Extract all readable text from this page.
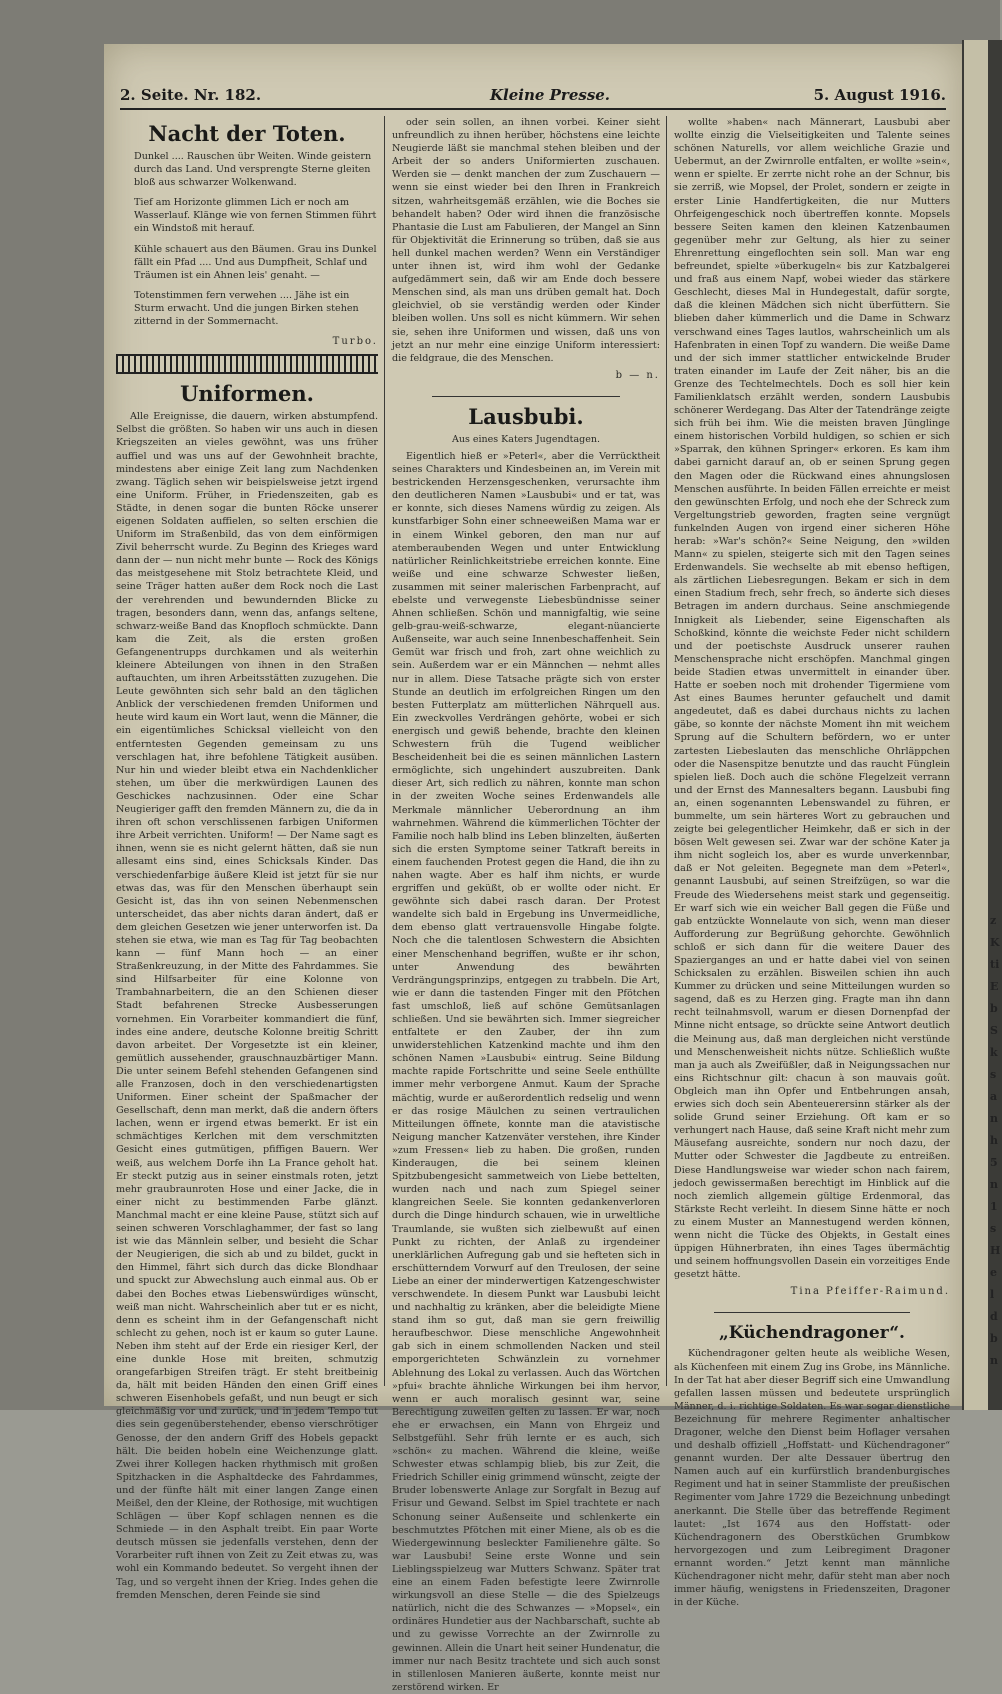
2. Seite. Nr. 182.	Kleine Presse.	5. August 1916.
Nacht der Toten.

Dunkel .... Rauschen übr Weiten. Winde geistern durch das Land. Und versprengte Sterne gleiten bloß aus schwarzer Wolkenwand.

Tief am Horizonte glimmen Lich er noch am Wasserlauf. Klänge wie von fernen Stimmen führt ein Windstoß mit herauf.

Kühle schauert aus den Bäumen. Grau ins Dunkel fällt ein Pfad .... Und aus Dumpfheit, Schlaf und Träumen ist ein Ahnen leis' genaht. —

Totenstimmen fern verwehen .... Jähe ist ein Sturm erwacht. Und die jungen Birken stehen zitternd in der Sommernacht.

Turbo.
Uniformen.

Alle Ereignisse, die dauern, wirken abstumpfend. Selbst die größten. So haben wir uns auch in diesen Kriegszeiten an vieles gewöhnt, was uns früher auffiel und was uns auf der Gewohnheit brachte, mindestens aber einige Zeit lang zum Nachdenken zwang. Täglich sehen wir beispielsweise jetzt irgend eine Uniform. Früher, in Friedenszeiten, gab es Städte, in denen sogar die bunten Röcke unserer eigenen Soldaten auffielen, so selten erschien die Uniform im Straßenbild, das von dem einförmigen Zivil beherrscht wurde. Zu Beginn des Krieges ward dann der — nun nicht mehr bunte — Rock des Königs das meistgesehene mit Stolz betrachtete Kleid, und seine Träger hatten außer dem Rock noch die Last der verehrenden und bewundernden Blicke zu tragen, besonders dann, wenn das, anfangs seltene, schwarz-weiße Band das Knopfloch schmückte. Dann kam die Zeit, als die ersten großen Gefangenentrupps durchkamen und als weiterhin kleinere Abteilungen von ihnen in den Straßen auftauchten, um ihren Arbeitsstätten zuzugehen. Die Leute gewöhnten sich sehr bald an den täglichen Anblick der verschiedenen fremden Uniformen und heute wird kaum ein Wort laut, wenn die Männer, die ein eigentümliches Schicksal vielleicht von den entferntesten Gegenden gemeinsam zu uns verschlagen hat, ihre befohlene Tätigkeit ausüben. Nur hin und wieder bleibt etwa ein Nachdenklicher stehen, um über die merkwürdigen Launen des Geschickes nachzusinnen. Oder eine Schar Neugieriger gafft den fremden Männern zu, die da in ihren oft schon verschlissenen farbigen Uniformen ihre Arbeit verrichten. Uniform! — Der Name sagt es ihnen, wenn sie es nicht gelernt hätten, daß sie nun allesamt eins sind, eines Schicksals Kinder. Das verschiedenfarbige äußere Kleid ist jetzt für sie nur etwas das, was für den Menschen überhaupt sein Gesicht ist, das ihn von seinen Nebenmenschen unterscheidet, das aber nichts daran ändert, daß er dem gleichen Gesetzen wie jener unterworfen ist. Da stehen sie etwa, wie man es Tag für Tag beobachten kann — fünf Mann hoch — an einer Straßenkreuzung, in der Mitte des Fahrdammes. Sie sind Hilfsarbeiter für eine Kolonne von Trambahnarbeitern, die an den Schienen dieser Stadt befahrenen Strecke Ausbesserungen vornehmen. Ein Vorarbeiter kommandiert die fünf, indes eine andere, deutsche Kolonne breitig Schritt davon arbeitet. Der Vorgesetzte ist ein kleiner, gemütlich aussehender, grauschnauzbärtiger Mann. Die unter seinem Befehl stehenden Gefangenen sind alle Franzosen, doch in den verschiedenartigsten Uniformen. Einer scheint der Spaßmacher der Gesellschaft, denn man merkt, daß die andern öfters lachen, wenn er irgend etwas bemerkt. Er ist ein schmächtiges Kerlchen mit dem verschmitzten Gesicht eines gutmütigen, pfiffigen Bauern. Wer weiß, aus welchem Dorfe ihn La France geholt hat. Er steckt putzig aus in seiner einstmals roten, jetzt mehr graubraunroten Hose und einer Jacke, die in einer nicht zu bestimmenden Farbe glänzt. Manchmal macht er eine kleine Pause, stützt sich auf seinen schweren Vorschlaghammer, der fast so lang ist wie das Männlein selber, und besieht die Schar der Neugierigen, die sich ab und zu bildet, guckt in den Himmel, fährt sich durch das dicke Blondhaar und spuckt zur Abwechslung auch einmal aus. Ob er dabei den Boches etwas Liebenswürdiges wünscht, weiß man nicht. Wahrscheinlich aber tut er es nicht, denn es scheint ihm in der Gefangenschaft nicht schlecht zu gehen, noch ist er kaum so guter Laune. Neben ihm steht auf der Erde ein riesiger Kerl, der eine dunkle Hose mit breiten, schmutzig orangefarbigen Streifen trägt. Er steht breitbeinig da, hält mit beiden Händen den einen Griff eines schweren Eisenhobels gefaßt, und nun beugt er sich gleichmäßig vor und zurück, und in jedem Tempo tut dies sein gegenüberstehender, ebenso vierschrötiger Genosse, der den andern Griff des Hobels gepackt hält. Die beiden hobeln eine Weichenzunge glatt. Zwei ihrer Kollegen hacken rhythmisch mit großen Spitzhacken in die Asphaltdecke des Fahrdammes, und der fünfte hält mit einer langen Zange einen Meißel, den der Kleine, der Rothosige, mit wuchtigen Schlägen — über Kopf schlagen nennen es die Schmiede — in den Asphalt treibt. Ein paar Worte deutsch müssen sie jedenfalls verstehen, denn der Vorarbeiter ruft ihnen von Zeit zu Zeit etwas zu, was wohl ein Kommando bedeutet. So vergeht ihnen der Tag, und so vergeht ihnen der Krieg. Indes gehen die fremden Menschen, deren Feinde sie sind

oder sein sollen, an ihnen vorbei. Keiner sieht unfreundlich zu ihnen herüber, höchstens eine leichte Neugierde läßt sie manchmal stehen bleiben und der Arbeit der so anders Uniformierten zuschauen. Werden sie — denkt manchen der zum Zuschauern — wenn sie einst wieder bei den Ihren in Frankreich sitzen, wahrheitsgemäß erzählen, wie die Boches sie behandelt haben? Oder wird ihnen die französische Phantasie die Lust am Fabulieren, der Mangel an Sinn für Objektivität die Erinnerung so trüben, daß sie aus hell dunkel machen werden? Wenn ein Verständiger unter ihnen ist, wird ihm wohl der Gedanke aufgedämmert sein, daß wir am Ende doch bessere Menschen sind, als man uns drüben gemalt hat. Doch gleichviel, ob sie verständig werden oder Kinder bleiben wollen. Uns soll es nicht kümmern. Wir sehen sie, sehen ihre Uniformen und wissen, daß uns von jetzt an nur mehr eine einzige Uniform interessiert: die feldgraue, die des Menschen.

b — n.
Lausbubi.
Aus eines Katers Jugendtagen.

Eigentlich hieß er »Peterl«, aber die Verrücktheit seines Charakters und Kindesbeinen an, im Verein mit bestrickenden Herzensgeschenken, verursachte ihm den deutlicheren Namen »Lausbubi« und er tat, was er konnte, sich dieses Namens würdig zu zeigen. Als kunstfarbiger Sohn einer schneeweißen Mama war er in einem Winkel geboren, den man nur auf atemberaubenden Wegen und unter Entwicklung natürlicher Reinlichkeitstriebe erreichen konnte. Eine weiße und eine schwarze Schwester ließen, zusammen mit seiner malerischen Farbenpracht, auf ebelste und verwegenste Liebesbündnisse seiner Ahnen schließen. Schön und mannigfaltig, wie seine gelb-grau-weiß-schwarze, elegant-nüancierte Außenseite, war auch seine Innenbeschaffenheit. Sein Gemüt war frisch und froh, zart ohne weichlich zu sein. Außerdem war er ein Männchen — nehmt alles nur in allem. Diese Tatsache prägte sich von erster Stunde an deutlich im erfolgreichen Ringen um den besten Futterplatz am mütterlichen Nährquell aus. Ein zweckvolles Verdrängen gehörte, wobei er sich energisch und gewiß behende, brachte den kleinen Schwestern früh die Tugend weiblicher Bescheidenheit bei die es seinen männlichen Lastern ermöglichte, sich ungehindert auszubreiten. Dank dieser Art, sich redlich zu nähren, konnte man schon in der zweiten Woche seines Erdenwandels alle Merkmale männlicher Ueberordnung an ihm wahrnehmen. Während die kümmerlichen Töchter der Familie noch halb blind ins Leben blinzelten, äußerten sich die ersten Symptome seiner Tatkraft bereits in einem fauchenden Protest gegen die Hand, die ihn zu nahen wagte. Aber es half ihm nichts, er wurde ergriffen und geküßt, ob er wollte oder nicht. Er gewöhnte sich dabei rasch daran. Der Protest wandelte sich bald in Ergebung ins Unvermeidliche, dem ebenso glatt vertrauensvolle Hingabe folgte. Noch che die talentlosen Schwestern die Absichten einer Menschenhand begriffen, wußte er ihr schon, unter Anwendung des bewährten Verdrängungsprinzips, entgegen zu trabbeln. Die Art, wie er dann die tastenden Finger mit den Pfötchen fast umschloß, ließ auf schöne Gemütsanlagen schließen. Und sie bewährten sich. Immer siegreicher entfaltete er den Zauber, der ihn zum unwiderstehlichen Katzenkind machte und ihm den schönen Namen »Lausbubi« eintrug. Seine Bildung machte rapide Fortschritte und seine Seele enthüllte immer mehr verborgene Anmut. Kaum der Sprache mächtig, wurde er außerordentlich redselig und wenn er das rosige Mäulchen zu seinen vertraulichen Mitteilungen öffnete, konnte man die atavistische Neigung mancher Katzenväter verstehen, ihre Kinder »zum Fressen« lieb zu haben. Die großen, runden Kinderaugen, die bei seinem kleinen Spitzbubengesicht sammetweich von Liebe bettelten, wurden nach und nach zum Spiegel seiner klangreichen Seele. Sie konnten gedankenverloren durch die Dinge hindurch schauen, wie in urweltliche Traumlande, sie wußten sich zielbewußt auf einen Punkt zu richten, der Anlaß zu irgendeiner unerklärlichen Aufregung gab und sie hefteten sich in erschütterndem Vorwurf auf den Treulosen, der seine Liebe an einer der minderwertigen Katzengeschwister verschwendete. In diesem Punkt war Lausbubi leicht und nachhaltig zu kränken, aber die beleidigte Miene stand ihm so gut, daß man sie gern freiwillig heraufbeschwor. Diese menschliche Angewohnheit gab sich in einem schmollenden Nacken und steil emporgerichteten Schwänzlein zu vornehmer Ablehnung des Lokal zu verlassen. Auch das Wörtchen »pfui« brachte ähnliche Wirkungen bei ihm hervor, wenn er auch moralisch gesinnt war, seine Berechtigung zuweilen gelten zu lassen. Er war, noch ehe er erwachsen, ein Mann von Ehrgeiz und Selbstgefühl. Sehr früh lernte er es auch, sich »schön« zu machen. Während die kleine, weiße Schwester etwas schlampig blieb, bis zur Zeit, die Friedrich Schiller einig grimmend wünscht, zeigte der Bruder lobenswerte Anlage zur Sorgfalt in Bezug auf Frisur und Gewand. Selbst im Spiel trachtete er nach Schonung seiner Außenseite und schlenkerte ein beschmutztes Pfötchen mit einer Miene, als ob es die Wiedergewinnung besleckter Familienehre gälte. So war Lausbubi! Seine erste Wonne und sein Lieblingsspielzeug war Mutters Schwanz. Später trat eine an einem Faden befestigte leere Zwirnrolle wirkungsvoll an diese Stelle — die des Spielzeugs natürlich, nicht die des Schwanzes — »Mopsel«, ein ordinäres Hundetier aus der Nachbarschaft, suchte ab und zu gewisse Vorrechte an der Zwirnrolle zu gewinnen. Allein die Unart heit seiner Hundenatur, die immer nur nach Besitz trachtete und sich auch sonst in stillenlosen Manieren äußerte, konnte meist nur zerstörend wirken. Er

wollte »haben« nach Männerart, Lausbubi aber wollte einzig die Vielseitigkeiten und Talente seines schönen Naturells, vor allem weichliche Grazie und Uebermut, an der Zwirnrolle entfalten, er wollte »sein«, wenn er spielte. Er zerrte nicht rohe an der Schnur, bis sie zerriß, wie Mopsel, der Prolet, sondern er zeigte in erster Linie Handfertigkeiten, die nur Mutters Ohrfeigengeschick noch übertreffen konnte. Mopsels bessere Seiten kamen den kleinen Katzenbaumen gegenüber mehr zur Geltung, als hier zu seiner Ehrenrettung eingeflochten sein soll. Man war eng befreundet, spielte »überkugeln« bis zur Katzbalgerei und fraß aus einem Napf, wobei wieder das stärkere Geschlecht, dieses Mal in Hundegestalt, dafür sorgte, daß die kleinen Mädchen sich nicht überfüttern. Sie blieben daher kümmerlich und die Dame in Schwarz verschwand eines Tages lautlos, wahrscheinlich um als Hafenbraten in einen Topf zu wandern. Die weiße Dame und der sich immer stattlicher entwickelnde Bruder traten einander im Laufe der Zeit näher, bis an die Grenze des Techtelmechtels. Doch es soll hier kein Familienklatsch erzählt werden, sondern Lausbubis schönerer Werdegang. Das Alter der Tatendränge zeigte sich früh bei ihm. Wie die meisten braven Jünglinge einem historischen Vorbild huldigen, so schien er sich »Sparrak, den kühnen Springer« erkoren. Es kam ihm dabei garnicht darauf an, ob er seinen Sprung gegen den Magen oder die Rückwand eines ahnungslosen Menschen ausführte. In beiden Fällen erreichte er meist den gewünschten Erfolg, und noch ehe der Schreck zum Vergeltungstrieb geworden, fragten seine vergnügt funkelnden Augen von irgend einer sicheren Höhe herab: »War's schön?« Seine Neigung, den »wilden Mann« zu spielen, steigerte sich mit den Tagen seines Erdenwandels. Sie wechselte ab mit ebenso heftigen, als zärtlichen Liebesregungen. Bekam er sich in dem einen Stadium frech, sehr frech, so änderte sich dieses Betragen im andern durchaus. Seine anschmiegende Innigkeit als Liebender, seine Eigenschaften als Schoßkind, könnte die weichste Feder nicht schildern und der poetischste Ausdruck unserer rauhen Menschensprache nicht erschöpfen. Manchmal gingen beide Stadien etwas unvermittelt in einander über. Hatte er soeben noch mit drohender Tigermiene vom Ast eines Baumes herunter gefauchelt und damit angedeutet, daß es dabei durchaus nichts zu lachen gäbe, so konnte der nächste Moment ihn mit weichem Sprung auf die Schultern befördern, wo er unter zartesten Liebeslauten das menschliche Ohrläppchen oder die Nasenspitze benutzte und das raucht Fünglein spielen ließ. Doch auch die schöne Flegelzeit verrann und der Ernst des Mannesalters begann. Lausbubi fing an, einen sogenannten Lebenswandel zu führen, er bummelte, um sein härteres Wort zu gebrauchen und zeigte bei gelegentlicher Heimkehr, daß er sich in der bösen Welt gewesen sei. Zwar war der schöne Kater ja ihm nicht sogleich los, aber es wurde unverkennbar, daß er Not geleiten. Begegnete man dem »Peterl«, genannt Lausbubi, auf seinen Streifzügen, so war die Freude des Wiedersehens meist stark und gegenseitig. Er warf sich wie ein weicher Ball gegen die Füße und gab entzückte Wonnelaute von sich, wenn man dieser Aufforderung zur Begrüßung gehorchte. Gewöhnlich schloß er sich dann für die weitere Dauer des Spazierganges an und er hatte dabei viel von seinen Schicksalen zu erzählen. Bisweilen schien ihn auch Kummer zu drücken und seine Mitteilungen wurden so sagend, daß es zu Herzen ging. Fragte man ihn dann recht teilnahmsvoll, warum er diesen Dornenpfad der Minne nicht entsage, so drückte seine Antwort deutlich die Meinung aus, daß man dergleichen nicht verstünde und Menschenweisheit nichts nütze. Schließlich wußte man ja auch als Zweifüßler, daß in Neigungssachen nur eins Richtschnur gilt: chacun à son mauvais goût. Obgleich man ihn Opfer und Entbehrungen ansah, erwies sich doch sein Abenteuerersinn stärker als der solide Grund seiner Erziehung. Oft kam er so verhungert nach Hause, daß seine Kraft nicht mehr zum Mäusefang ausreichte, sondern nur noch dazu, der Mutter oder Schwester die Jagdbeute zu entreißen. Diese Handlungsweise war wieder schon nach fairem, jedoch gewissermaßen berechtigt im Hinblick auf die noch ziemlich allgemein gültige Erdenmoral, das Stärkste Recht verleiht. In diesem Sinne hätte er noch zu einem Muster an Mannestugend werden können, wenn nicht die Tücke des Objekts, in Gestalt eines üppigen Hühnerbraten, ihn eines Tages übermächtig und seinem hoffnungsvollen Dasein ein vorzeitiges Ende gesetzt hätte.

Tina Pfeiffer-Raimund.
„Küchendragoner“.

Küchendragoner gelten heute als weibliche Wesen, als Küchenfeen mit einem Zug ins Grobe, ins Männliche. In der Tat hat aber dieser Begriff sich eine Umwandlung gefallen lassen müssen und bedeutete ursprünglich Männer, d. i. richtige Soldaten. Es war sogar dienstliche Bezeichnung für mehrere Regimenter anhaltischer Dragoner, welche den Dienst beim Hoflager versahen und deshalb offiziell „Hoffstatt- und Küchendragoner“ genannt wurden. Der alte Dessauer übertrug den Namen auch auf ein kurfürstlich brandenburgisches Regiment und hat in seiner Stammliste der preußischen Regimenter vom Jahre 1729 die Bezeichnung unbedingt anerkannt. Die Stelle über das betreffende Regiment lautet: „Ist 1674 aus den Hoffstatt- oder Küchendragonern des Oberstküchen Grumbkow hervorgezogen und zum Leibregiment Dragoner ernannt worden.“ Jetzt kennt man männliche Küchendragoner nicht mehr, dafür steht man aber noch immer häufig, wenigstens in Friedenszeiten, Dragoner in der Küche.

z
K
ti
E
b
S
k
s
a
n
h
5
n
1
s
H
e
l
d
b
n
